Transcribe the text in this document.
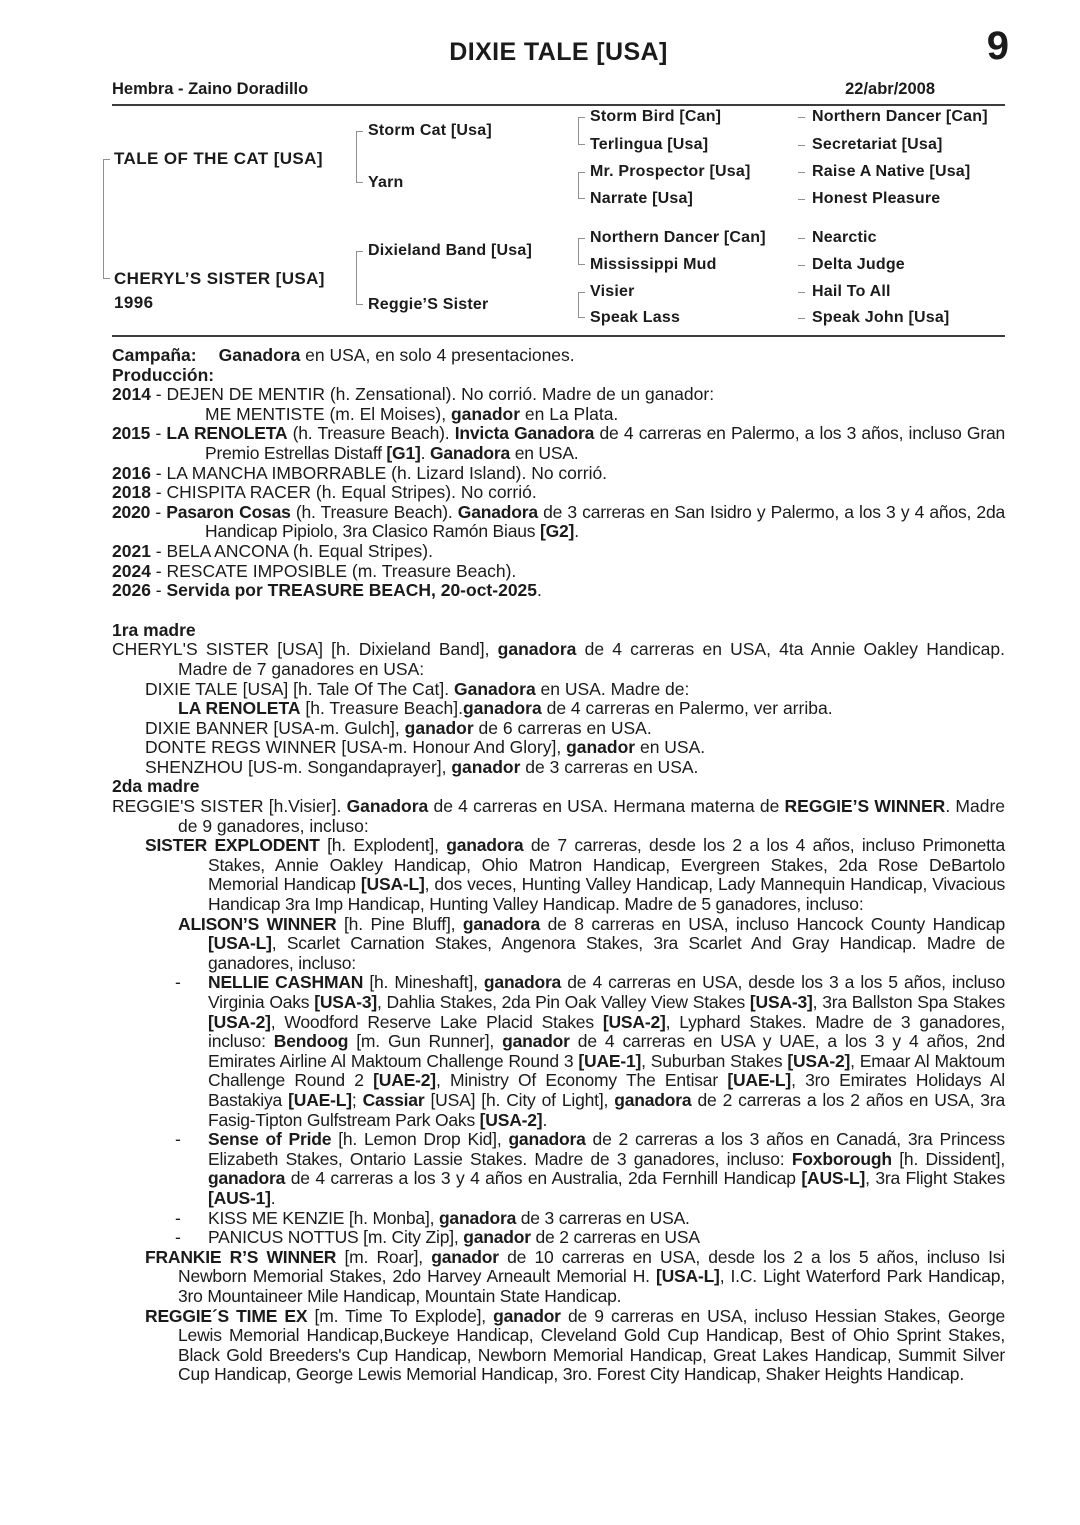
DIXIE TALE [USA]	9
Hembra - Zaino Doradillo	22/abr/2008
TALE OF THE CAT [USA]
CHERYL’S SISTER [USA]
1996
Storm Cat [Usa]
Yarn
Dixieland Band [Usa]
Reggie’S Sister
Storm Bird [Can]
Terlingua [Usa]
Mr. Prospector [Usa]
Narrate [Usa]
Northern Dancer [Can]
Mississippi Mud
Visier
Speak Lass
Northern Dancer [Can]
Secretariat [Usa]
Raise A Native [Usa]
Honest Pleasure
Nearctic
Delta Judge
Hail To All
Speak John [Usa]
Campaña: Ganadora en USA, en solo 4 presentaciones.
Producción:
2014 - DEJEN DE MENTIR (h. Zensational). No corrió. Madre de un ganador:
ME MENTISTE (m. El Moises), ganador en La Plata.
2015 - LA RENOLETA (h. Treasure Beach). Invicta Ganadora de 4 carreras en Palermo, a los 3 años, incluso Gran Premio Estrellas Distaff [G1]. Ganadora en USA.
2016 - LA MANCHA IMBORRABLE (h. Lizard Island). No corrió.
2018 - CHISPITA RACER (h. Equal Stripes). No corrió.
2020 - Pasaron Cosas (h. Treasure Beach). Ganadora de 3 carreras en San Isidro y Palermo, a los 3 y 4 años, 2da Handicap Pipiolo, 3ra Clasico Ramón Biaus [G2].
2021 - BELA ANCONA (h. Equal Stripes).
2024 - RESCATE IMPOSIBLE (m. Treasure Beach).
2026 - Servida por TREASURE BEACH, 20-oct-2025.
1ra madre
CHERYL'S SISTER [USA] [h. Dixieland Band], ganadora de 4 carreras en USA, 4ta Annie Oakley Handicap. Madre de 7 ganadores en USA:
DIXIE TALE [USA] [h. Tale Of The Cat]. Ganadora en USA. Madre de:
LA RENOLETA [h. Treasure Beach].ganadora de 4 carreras en Palermo, ver arriba.
DIXIE BANNER [USA-m. Gulch], ganador de 6 carreras en USA.
DONTE REGS WINNER [USA-m. Honour And Glory], ganador en USA.
SHENZHOU [US-m. Songandaprayer], ganador de 3 carreras en USA.
2da madre
REGGIE'S SISTER [h.Visier]. Ganadora de 4 carreras en USA. Hermana materna de REGGIE’S WINNER. Madre de 9 ganadores, incluso:
SISTER EXPLODENT [h. Explodent], ganadora de 7 carreras, desde los 2 a los 4 años, incluso Primonetta Stakes, Annie Oakley Handicap, Ohio Matron Handicap, Evergreen Stakes, 2da Rose DeBartolo Memorial Handicap [USA-L], dos veces, Hunting Valley Handicap, Lady Mannequin Handicap, Vivacious Handicap 3ra Imp Handicap, Hunting Valley Handicap. Madre de 5 ganadores, incluso:
ALISON’S WINNER [h. Pine Bluff], ganadora de 8 carreras en USA, incluso Hancock County Handicap [USA-L], Scarlet Carnation Stakes, Angenora Stakes, 3ra Scarlet And Gray Handicap. Madre de ganadores, incluso:
- NELLIE CASHMAN [h. Mineshaft], ganadora de 4 carreras en USA, desde los 3 a los 5 años, incluso Virginia Oaks [USA-3], Dahlia Stakes, 2da Pin Oak Valley View Stakes [USA-3], 3ra Ballston Spa Stakes [USA-2], Woodford Reserve Lake Placid Stakes [USA-2], Lyphard Stakes. Madre de 3 ganadores, incluso: Bendoog [m. Gun Runner], ganador de 4 carreras en USA y UAE, a los 3 y 4 años, 2nd Emirates Airline Al Maktoum Challenge Round 3 [UAE-1], Suburban Stakes [USA-2], Emaar Al Maktoum Challenge Round 2 [UAE-2], Ministry Of Economy The Entisar [UAE-L], 3ro Emirates Holidays Al Bastakiya [UAE-L]; Cassiar [USA] [h. City of Light], ganadora de 2 carreras a los 2 años en USA, 3ra Fasig-Tipton Gulfstream Park Oaks [USA-2].
- Sense of Pride [h. Lemon Drop Kid], ganadora de 2 carreras a los 3 años en Canadá, 3ra Princess Elizabeth Stakes, Ontario Lassie Stakes. Madre de 3 ganadores, incluso: Foxborough [h. Dissident], ganadora de 4 carreras a los 3 y 4 años en Australia, 2da Fernhill Handicap [AUS-L], 3ra Flight Stakes [AUS-1].
- KISS ME KENZIE [h. Monba], ganadora de 3 carreras en USA.
- PANICUS NOTTUS [m. City Zip], ganador de 2 carreras en USA
FRANKIE R’S WINNER [m. Roar], ganador de 10 carreras en USA, desde los 2 a los 5 años, incluso Isi Newborn Memorial Stakes, 2do Harvey Arneault Memorial H. [USA-L], I.C. Light Waterford Park Handicap, 3ro Mountaineer Mile Handicap, Mountain State Handicap.
REGGIE´S TIME EX [m. Time To Explode], ganador de 9 carreras en USA, incluso Hessian Stakes, George Lewis Memorial Handicap,Buckeye Handicap, Cleveland Gold Cup Handicap, Best of Ohio Sprint Stakes, Black Gold Breeders's Cup Handicap, Newborn Memorial Handicap, Great Lakes Handicap, Summit Silver Cup Handicap, George Lewis Memorial Handicap, 3ro. Forest City Handicap, Shaker Heights Handicap.
